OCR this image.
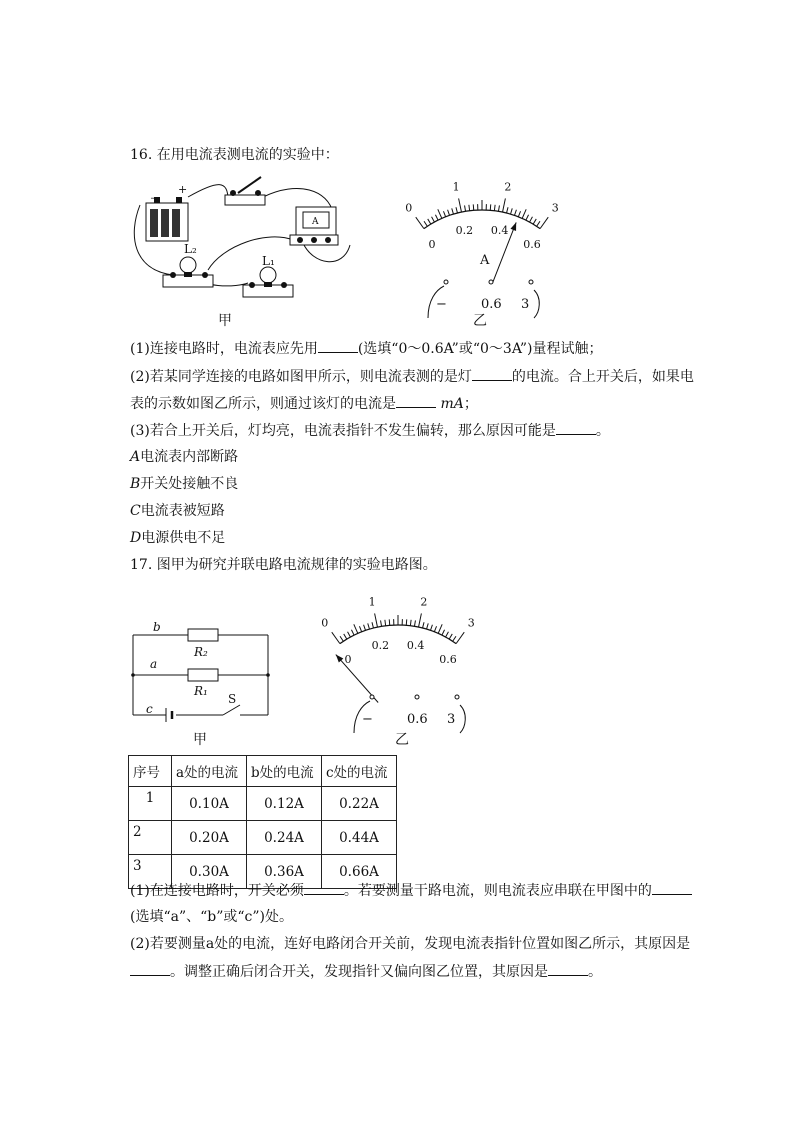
16. 在用电流表测电流的实验中：
+
−
A
L₂
L₁
甲
0
1	2
3
0
0.2 0.4
0.6
A
−	0.6 3
乙
(1)连接电路时，电流表应先用	(选填“0～0.6A”或“0～3A”)量程试触；
(2)若某同学连接的电路如图甲所示，则电流表测的是灯	的电流。合上开关后，如果电
表的示数如图乙所示，则通过该灯的电流是	mA；
(3)若合上开关后，灯均亮，电流表指针不发生偏转，那么原因可能是	。
A电流表内部断路
B开关处接触不良
C电流表被短路
D电源供电不足
17. 图甲为研究并联电路电流规律的实验电路图。
b
a
c
R₂
R₁
S
甲
0
1	2
3
0
0.2 0.4
0.6
−	0.6 3
乙
序号	a处的电流	b处的电流	c处的电流
1	0.10A	0.12A	0.22A
2	0.20A	0.24A	0.44A
3	0.30A	0.36A	0.66A
(1)在连接电路时，开关必须	。若要测量干路电流，则电流表应串联在甲图中的
(选填“a”、“b”或“c”)处。
(2)若要测量a处的电流，连好电路闭合开关前，发现电流表指针位置如图乙所示，其原因是
。调整正确后闭合开关，发现指针又偏向图乙位置，其原因是	。
